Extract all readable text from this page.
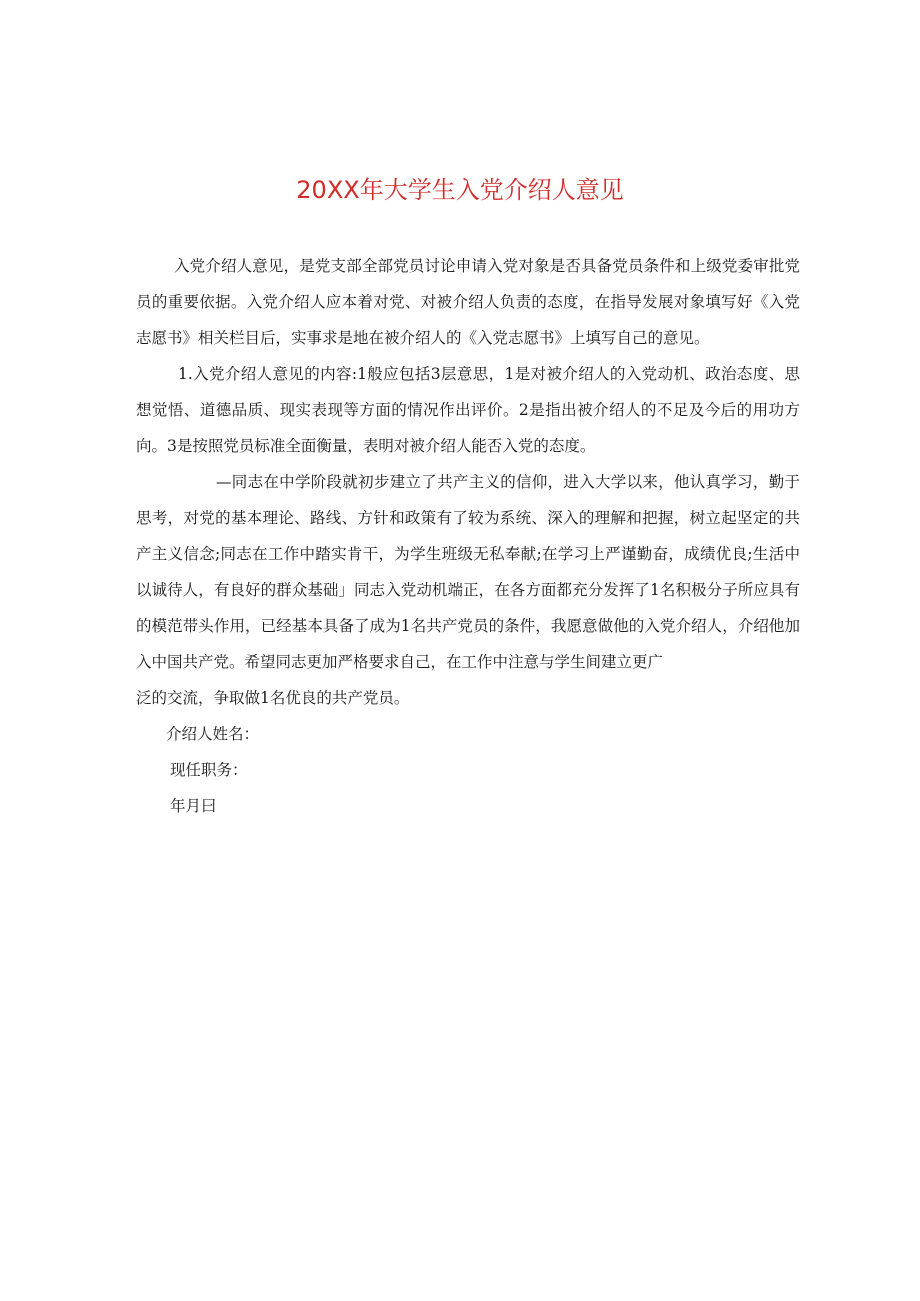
20XX年大学生入党介绍人意见

入党介绍人意见，是党支部全部党员讨论申请入党对象是否具备党员条件和上级党委审批党员的重要依据。入党介绍人应本着对党、对被介绍人负责的态度，在指导发展对象填写好《入党志愿书》相关栏目后，实事求是地在被介绍人的《入党志愿书》上填写自己的意见。

1.入党介绍人意见的内容:1般应包括3层意思，1是对被介绍人的入党动机、政治态度、思想觉悟、道德品质、现实表现等方面的情况作出评价。2是指出被介绍人的不足及今后的用功方向。3是按照党员标准全面衡量，表明对被介绍人能否入党的态度。

—同志在中学阶段就初步建立了共产主义的信仰，进入大学以来，他认真学习，勤于思考，对党的基本理论、路线、方针和政策有了较为系统、深入的理解和把握，树立起坚定的共产主义信念;同志在工作中踏实肯干，为学生班级无私奉献;在学习上严谨勤奋，成绩优良;生活中以诚待人，有良好的群众基础」同志入党动机端正，在各方面都充分发挥了1名积极分子所应具有的模范带头作用，已经基本具备了成为1名共产党员的条件，我愿意做他的入党介绍人，介绍他加入中国共产党。希望同志更加严格要求自己，在工作中注意与学生间建立更广

泛的交流，争取做1名优良的共产党员。

介绍人姓名：

现任职务：

年月曰
